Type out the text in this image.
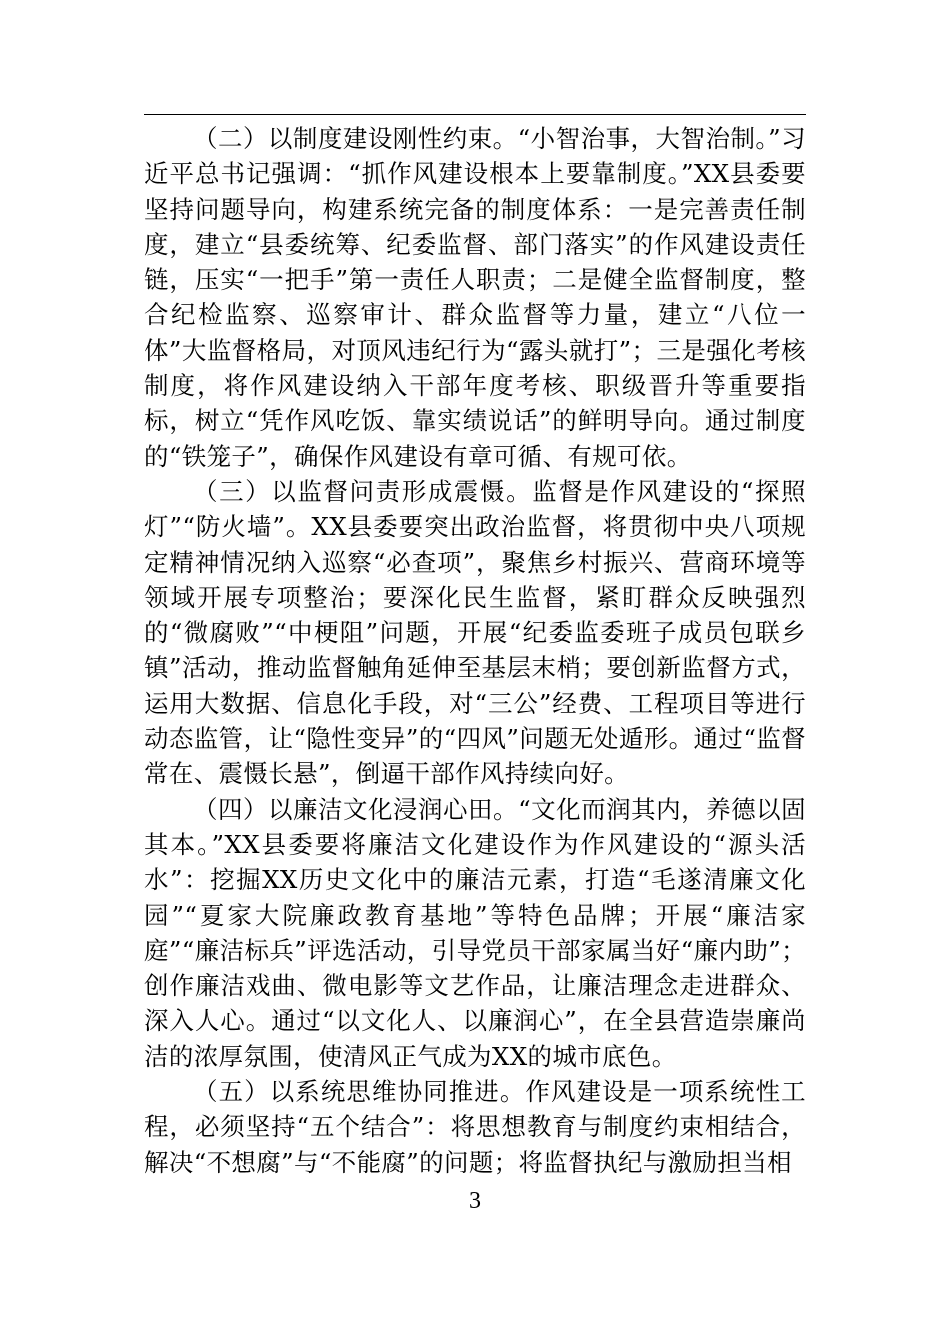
（二）以制度建设刚性约束。“小智治事，大智治制。”习近平总书记强调：“抓作风建设根本上要靠制度。”XX县委要坚持问题导向，构建系统完备的制度体系：一是完善责任制度，建立“县委统筹、纪委监督、部门落实”的作风建设责任链，压实“一把手”第一责任人职责；二是健全监督制度，整合纪检监察、巡察审计、群众监督等力量，建立“八位一体”大监督格局，对顶风违纪行为“露头就打”；三是强化考核制度，将作风建设纳入干部年度考核、职级晋升等重要指标，树立“凭作风吃饭、靠实绩说话”的鲜明导向。通过制度的“铁笼子”，确保作风建设有章可循、有规可依。

（三）以监督问责形成震慑。监督是作风建设的“探照灯”“防火墙”。XX县委要突出政治监督，将贯彻中央八项规定精神情况纳入巡察“必查项”，聚焦乡村振兴、营商环境等领域开展专项整治；要深化民生监督，紧盯群众反映强烈的“微腐败”“中梗阻”问题，开展“纪委监委班子成员包联乡镇”活动，推动监督触角延伸至基层末梢；要创新监督方式，运用大数据、信息化手段，对“三公”经费、工程项目等进行动态监管，让“隐性变异”的“四风”问题无处遁形。通过“监督常在、震慑长悬”，倒逼干部作风持续向好。

（四）以廉洁文化浸润心田。“文化而润其内，养德以固其本。”XX县委要将廉洁文化建设作为作风建设的“源头活水”：挖掘XX历史文化中的廉洁元素，打造“毛遂清廉文化园”“夏家大院廉政教育基地”等特色品牌；开展“廉洁家庭”“廉洁标兵”评选活动，引导党员干部家属当好“廉内助”；创作廉洁戏曲、微电影等文艺作品，让廉洁理念走进群众、深入人心。通过“以文化人、以廉润心”，在全县营造崇廉尚洁的浓厚氛围，使清风正气成为XX的城市底色。

（五）以系统思维协同推进。作风建设是一项系统性工程，必须坚持“五个结合”：将思想教育与制度约束相结合，解决“不想腐”与“不能腐”的问题；将监督执纪与激励担当相

3
